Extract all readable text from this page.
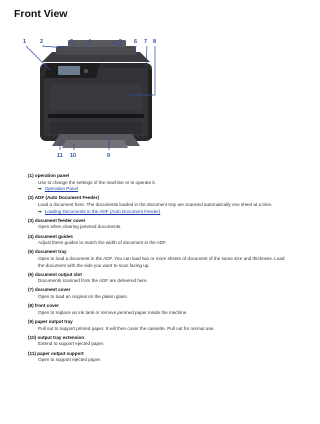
Front View
1	2	3	4	5 6 7 8
9
10
11
(1) operation panel
Use to change the settings of the machine or to operate it.
➡ Operation Panel
(2) ADF (Auto Document Feeder)
Load a document here. The documents loaded in the document tray are scanned automatically one sheet at a time.
➡ Loading Documents in the ADF (Auto Document Feeder)
(3) document feeder cover
Open when clearing jammed documents.
(4) document guides
Adjust these guides to match the width of document in the ADF.
(5) document tray
Open to load a document in the ADF. You can load two or more sheets of document of the same size and thickness. Load the document with the side you want to scan facing up.
(6) document output slot
Documents scanned from the ADF are delivered here.
(7) document cover
Open to load an original on the platen glass.
(8) front cover
Open to replace an ink tank or remove jammed paper inside the machine.
(9) paper output tray
Pull out to support printed paper. It will then cover the cassette. Pull out for normal use.
(10) output tray extension
Extend to support ejected paper.
(11) paper output support
Open to support ejected paper.
